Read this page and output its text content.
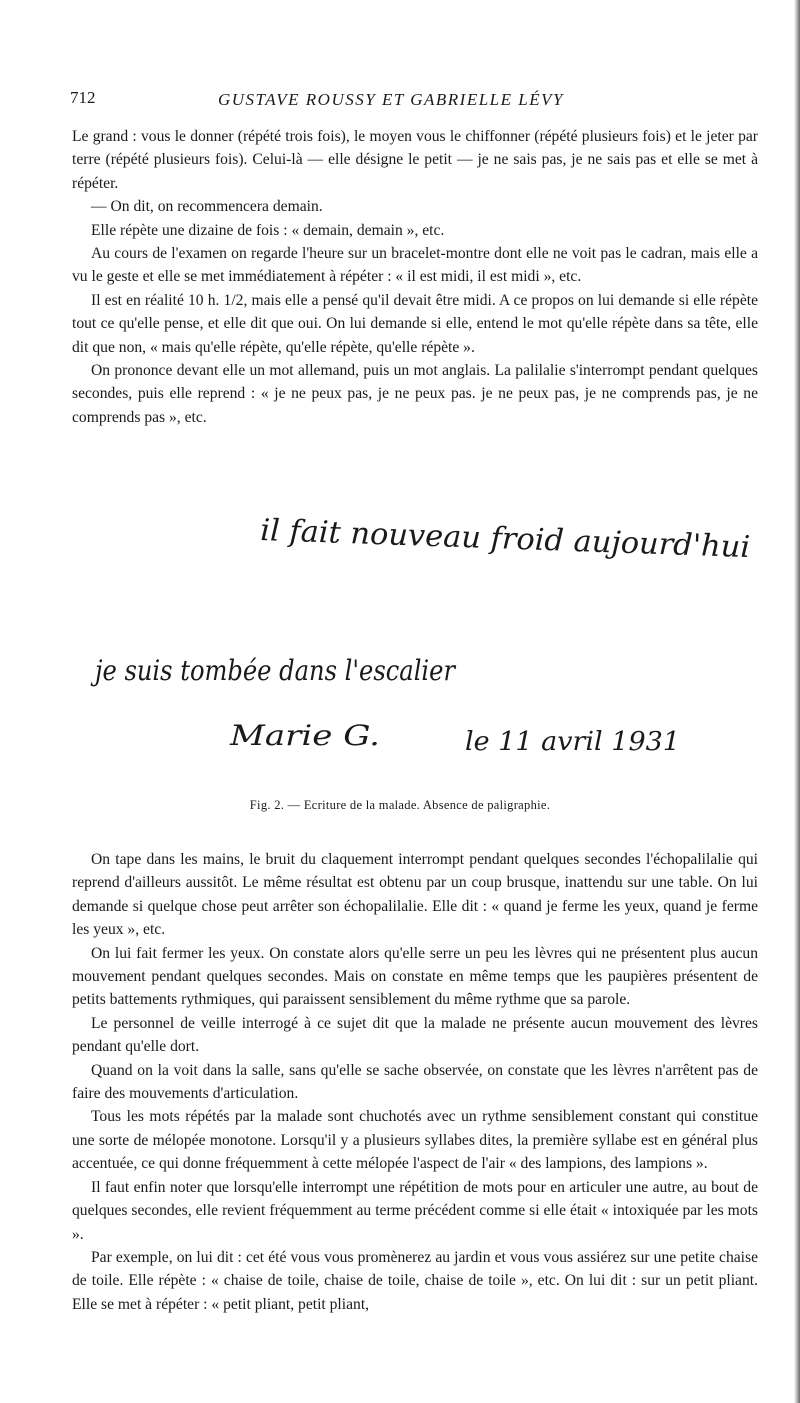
712	GUSTAVE ROUSSY ET GABRIELLE LÉVY

Le grand : vous le donner (répété trois fois), le moyen vous le chiffonner (répété plusieurs fois) et le jeter par terre (répété plusieurs fois). Celui-là — elle désigne le petit — je ne sais pas, je ne sais pas et elle se met à répéter.

— On dit, on recommencera demain.

Elle répète une dizaine de fois : « demain, demain », etc.

Au cours de l'examen on regarde l'heure sur un bracelet-montre dont elle ne voit pas le cadran, mais elle a vu le geste et elle se met immédiatement à répéter : « il est midi, il est midi », etc.

Il est en réalité 10 h. 1/2, mais elle a pensé qu'il devait être midi. A ce propos on lui demande si elle répète tout ce qu'elle pense, et elle dit que oui. On lui demande si elle, entend le mot qu'elle répète dans sa tête, elle dit que non, « mais qu'elle répète, qu'elle répète, qu'elle répète ».

On prononce devant elle un mot allemand, puis un mot anglais. La palilalie s'interrompt pendant quelques secondes, puis elle reprend : « je ne peux pas, je ne peux pas. je ne peux pas, je ne comprends pas, je ne comprends pas », etc.

il fait nouveau froid aujourd'hui
je suis tombée dans l'escalier
Marie G.	le 11 avril 1931
Fig. 2. — Ecriture de la malade. Absence de paligraphie.

On tape dans les mains, le bruit du claquement interrompt pendant quelques secondes l'échopalilalie qui reprend d'ailleurs aussitôt. Le même résultat est obtenu par un coup brusque, inattendu sur une table. On lui demande si quelque chose peut arrêter son échopalilalie. Elle dit : « quand je ferme les yeux, quand je ferme les yeux », etc.

On lui fait fermer les yeux. On constate alors qu'elle serre un peu les lèvres qui ne présentent plus aucun mouvement pendant quelques secondes. Mais on constate en même temps que les paupières présentent de petits battements rythmiques, qui paraissent sensiblement du même rythme que sa parole.

Le personnel de veille interrogé à ce sujet dit que la malade ne présente aucun mouvement des lèvres pendant qu'elle dort.

Quand on la voit dans la salle, sans qu'elle se sache observée, on constate que les lèvres n'arrêtent pas de faire des mouvements d'articulation.

Tous les mots répétés par la malade sont chuchotés avec un rythme sensiblement constant qui constitue une sorte de mélopée monotone. Lorsqu'il y a plusieurs syllabes dites, la première syllabe est en général plus accentuée, ce qui donne fréquemment à cette mélopée l'aspect de l'air « des lampions, des lampions ».

Il faut enfin noter que lorsqu'elle interrompt une répétition de mots pour en articuler une autre, au bout de quelques secondes, elle revient fréquemment au terme précédent comme si elle était « intoxiquée par les mots ».

Par exemple, on lui dit : cet été vous vous promènerez au jardin et vous vous assiérez sur une petite chaise de toile. Elle répète : « chaise de toile, chaise de toile, chaise de toile », etc. On lui dit : sur un petit pliant. Elle se met à répéter : « petit pliant, petit pliant,
